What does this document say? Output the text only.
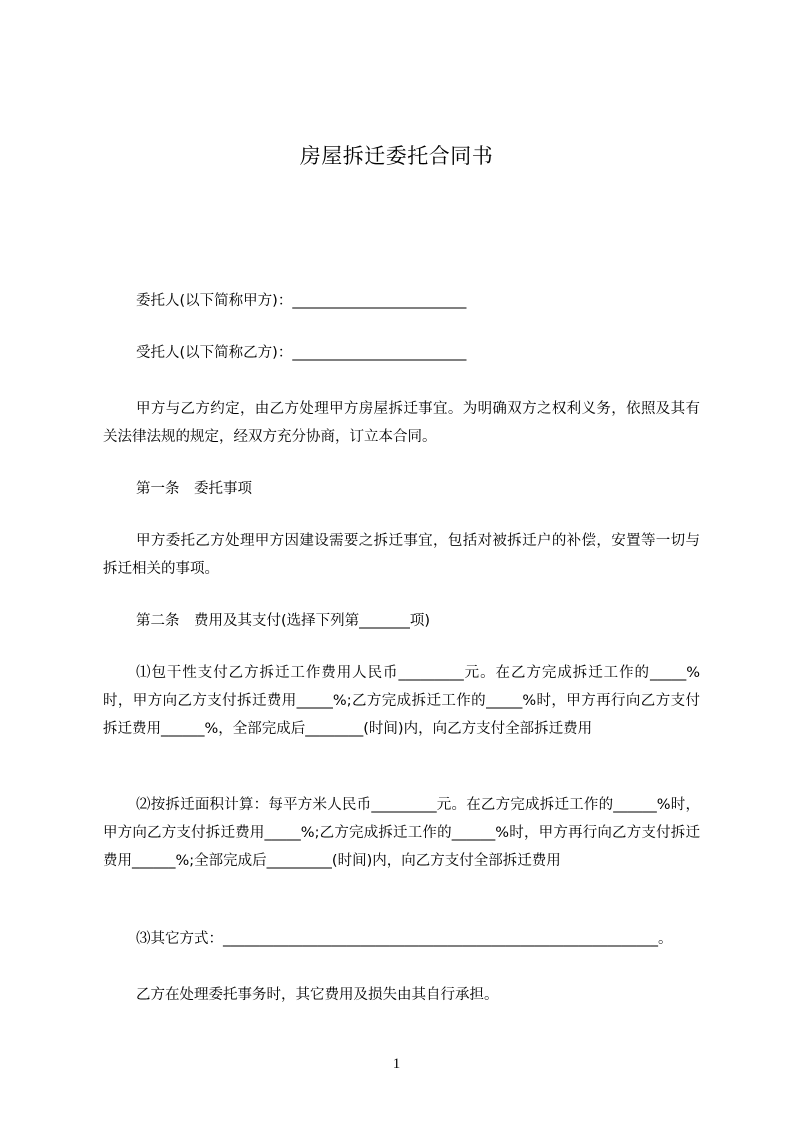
房屋拆迁委托合同书
委托人(以下简称甲方)：________________________
受托人(以下简称乙方)：________________________
甲方与乙方约定，由乙方处理甲方房屋拆迁事宜。为明确双方之权利义务，依照及其有关法律法规的规定，经双方充分协商，订立本合同。
第一条　委托事项
甲方委托乙方处理甲方因建设需要之拆迁事宜，包括对被拆迁户的补偿，安置等一切与拆迁相关的事项。
第二条　费用及其支付(选择下列第_______项)
⑴包干性支付乙方拆迁工作费用人民币_________元。在乙方完成拆迁工作的_____%时，甲方向乙方支付拆迁费用_____%;乙方完成拆迁工作的_____%时，甲方再行向乙方支付拆迁费用______%，全部完成后________(时间)内，向乙方支付全部拆迁费用
⑵按拆迁面积计算：每平方米人民币_________元。在乙方完成拆迁工作的______%时，甲方向乙方支付拆迁费用_____%;乙方完成拆迁工作的______%时，甲方再行向乙方支付拆迁费用______%;全部完成后_________(时间)内，向乙方支付全部拆迁费用
⑶其它方式：____________________________________________________________。
乙方在处理委托事务时，其它费用及损失由其自行承担。
1
